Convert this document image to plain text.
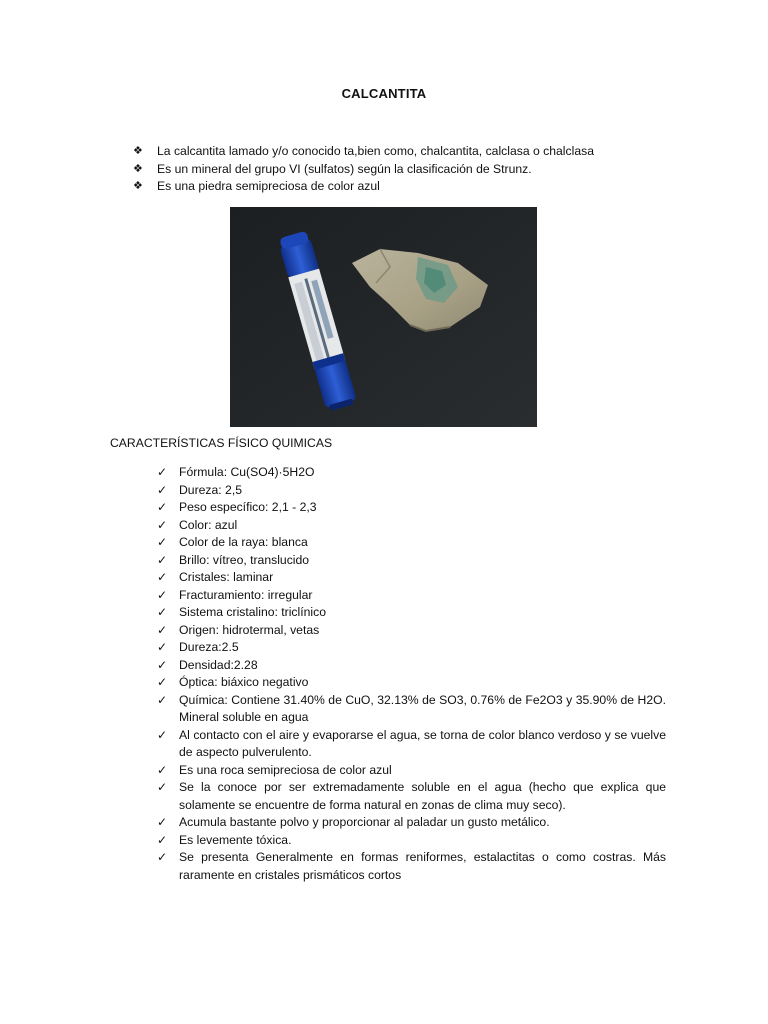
CALCANTITA
❖ La calcantita lamado y/o conocido ta,bien como, chalcantita, calclasa o chalclasa
❖ Es un mineral del grupo VI (sulfatos) según la clasificación de Strunz.
❖ Es una piedra semipreciosa de color azul
CARACTERÍSTICAS FÍSICO QUIMICAS
✓ Fórmula: Cu(SO4)·5H2O
✓ Dureza: 2,5
✓ Peso específico: 2,1 - 2,3
✓ Color: azul
✓ Color de la raya: blanca
✓ Brillo: vítreo, translucido
✓ Cristales: laminar
✓ Fracturamiento: irregular
✓ Sistema cristalino: triclínico
✓ Origen: hidrotermal, vetas
✓ Dureza:2.5
✓ Densidad:2.28
✓ Óptica: biáxico negativo
✓ Química: Contiene 31.40% de CuO, 32.13% de SO3, 0.76% de Fe2O3 y 35.90% de H2O. Mineral soluble en agua
✓ Al contacto con el aire y evaporarse el agua, se torna de color blanco verdoso y se vuelve de aspecto pulverulento.
✓ Es una roca semipreciosa de color azul
✓ Se la conoce por ser extremadamente soluble en el agua (hecho que explica que solamente se encuentre de forma natural en zonas de clima muy seco).
✓ Acumula bastante polvo y proporcionar al paladar un gusto metálico.
✓ Es levemente tóxica.
✓ Se presenta Generalmente en formas reniformes, estalactitas o como costras. Más raramente en cristales prismáticos cortos
